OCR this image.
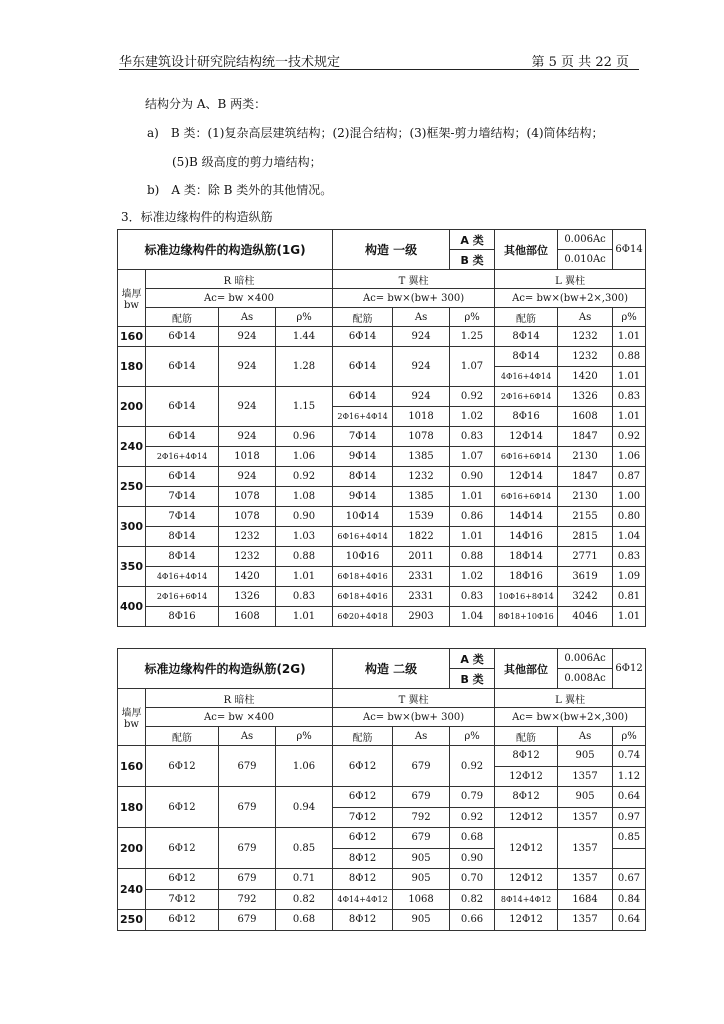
华东建筑设计研究院结构统一技术规定	第 5 页 共 22 页
结构分为 A、B 两类：
a)　B 类：(1)复杂高层建筑结构；(2)混合结构；(3)框架-剪力墙结构；(4)筒体结构；
(5)B 级高度的剪力墙结构；
b)　A 类：除 B 类外的其他情况。
3．标准边缘构件的构造纵筋
标准边缘构件的构造纵筋(1G)				构造 一级		A 类	其他部位	0.006Ac	6Φ14
						B 类		0.010Ac	
墙厚
bw	R 暗柱			T 翼柱			L 翼柱		
	Ac= bw ×400			Ac= bw×(bw+ 300)			Ac= bw×(bw+2×,300)		
	配筋	As	ρ%	配筋	As	ρ%	配筋	As	ρ%
160	6Φ14	924	1.44	6Φ14	924	1.25	8Φ14	1232	1.01
180	6Φ14	924	1.28	6Φ14	924	1.07	8Φ14	1232	0.88
							4Φ16+4Φ14	1420	1.01
200	6Φ14	924	1.15	6Φ14	924	0.92	2Φ16+6Φ14	1326	0.83
				2Φ16+4Φ14	1018	1.02	8Φ16	1608	1.01
240	6Φ14	924	0.96	7Φ14	1078	0.83	12Φ14	1847	0.92
	2Φ16+4Φ14	1018	1.06	9Φ14	1385	1.07	6Φ16+6Φ14	2130	1.06
250	6Φ14	924	0.92	8Φ14	1232	0.90	12Φ14	1847	0.87
	7Φ14	1078	1.08	9Φ14	1385	1.01	6Φ16+6Φ14	2130	1.00
300	7Φ14	1078	0.90	10Φ14	1539	0.86	14Φ14	2155	0.80
	8Φ14	1232	1.03	6Φ16+4Φ14	1822	1.01	14Φ16	2815	1.04
350	8Φ14	1232	0.88	10Φ16	2011	0.88	18Φ14	2771	0.83
	4Φ16+4Φ14	1420	1.01	6Φ18+4Φ16	2331	1.02	18Φ16	3619	1.09
400	2Φ16+6Φ14	1326	0.83	6Φ18+4Φ16	2331	0.83	10Φ16+8Φ14	3242	0.81
	8Φ16	1608	1.01	6Φ20+4Φ18	2903	1.04	8Φ18+10Φ16	4046	1.01
标准边缘构件的构造纵筋(2G)				构造 二级		A 类	其他部位	0.006Ac	6Φ12
						B 类		0.008Ac	
墙厚
bw	R 暗柱			T 翼柱			L 翼柱		
	Ac= bw ×400			Ac= bw×(bw+ 300)			Ac= bw×(bw+2×,300)		
	配筋	As	ρ%	配筋	As	ρ%	配筋	As	ρ%
160	6Φ12	679	1.06	6Φ12	679	0.92	8Φ12	905	0.74
							12Φ12	1357	1.12
180	6Φ12	679	0.94	6Φ12	679	0.79	8Φ12	905	0.64
				7Φ12	792	0.92	12Φ12	1357	0.97
200	6Φ12	679	0.85	6Φ12	679	0.68	12Φ12	1357	0.85
				8Φ12	905	0.90			
240	6Φ12	679	0.71	8Φ12	905	0.70	12Φ12	1357	0.67
	7Φ12	792	0.82	4Φ14+4Φ12	1068	0.82	8Φ14+4Φ12	1684	0.84
250	6Φ12	679	0.68	8Φ12	905	0.66	12Φ12	1357	0.64
